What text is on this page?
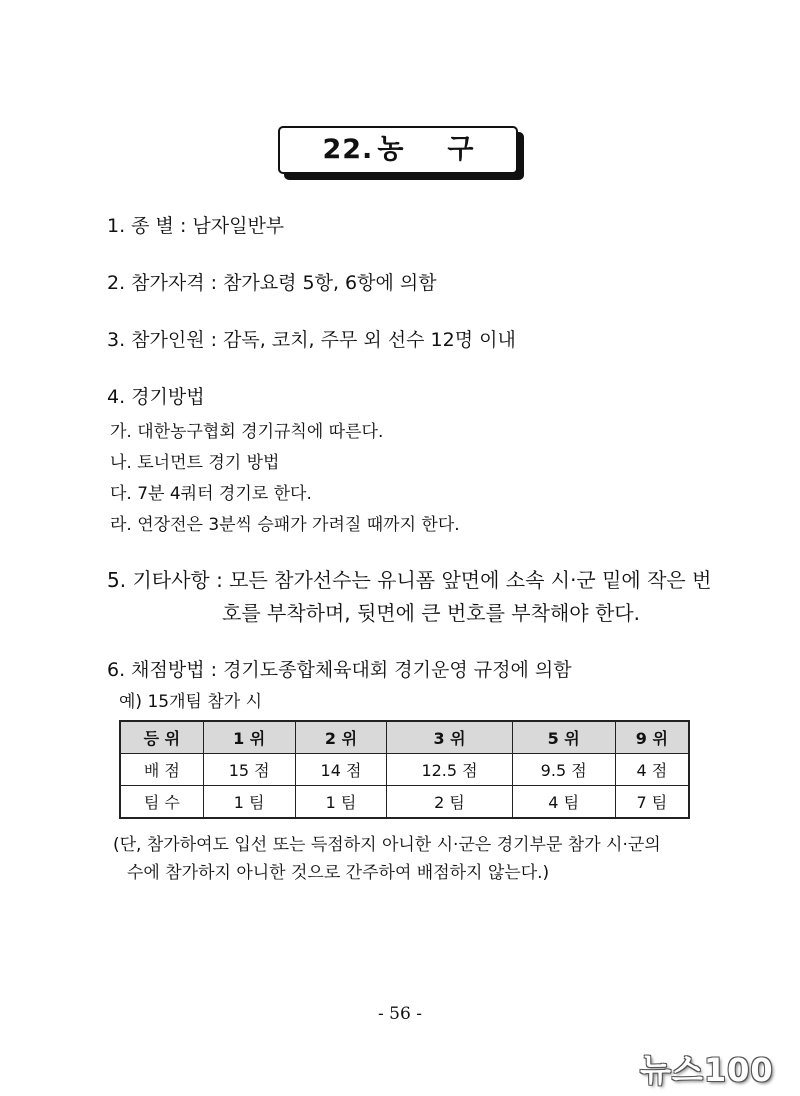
22. 농 구
1. 종 별 : 남자일반부
2. 참가자격 : 참가요령 5항, 6항에 의함
3. 참가인원 : 감독, 코치, 주무 외 선수 12명 이내
4. 경기방법
가. 대한농구협회 경기규칙에 따른다.
나. 토너먼트 경기 방법
다. 7분 4쿼터 경기로 한다.
라. 연장전은 3분씩 승패가 가려질 때까지 한다.
5. 기타사항 : 모든 참가선수는 유니폼 앞면에 소속 시·군 밑에 작은 번
호를 부착하며, 뒷면에 큰 번호를 부착해야 한다.
6. 채점방법 : 경기도종합체육대회 경기운영 규정에 의함
예) 15개팀 참가 시
등 위	1 위	2 위	3 위	5 위	9 위
배 점	15 점	14 점	12.5 점	9.5 점	4 점
팀 수	1 팀	1 팀	2 팀	4 팀	7 팀
(단, 참가하여도 입선 또는 득점하지 아니한 시·군은 경기부문 참가 시·군의
수에 참가하지 아니한 것으로 간주하여 배점하지 않는다.)
- 56 -
뉴스100
